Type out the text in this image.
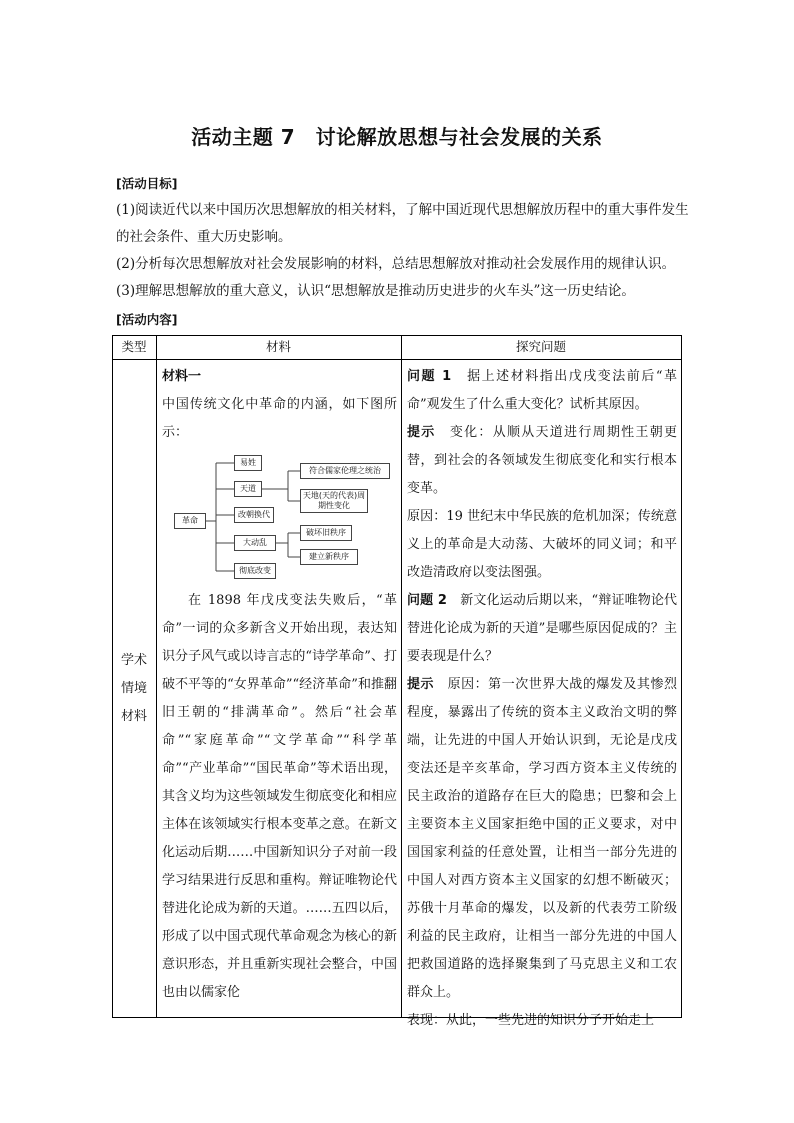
活动主题 7　讨论解放思想与社会发展的关系
[活动目标]
(1)阅读近代以来中国历次思想解放的相关材料，了解中国近现代思想解放历程中的重大事件发生的社会条件、重大历史影响。
(2)分析每次思想解放对社会发展影响的材料，总结思想解放对推动社会发展作用的规律认识。
(3)理解思想解放的重大意义，认识“思想解放是推动历史进步的火车头”这一历史结论。
[活动内容]
类型	材料	探究问题
学术情境材料

材料一

中国传统文化中革命的内涵，如下图所示：

革命
易姓
天道
改朝换代
大动乱
彻底改变
符合儒家伦理之统治
天地(天的代表)周期性变化
破坏旧秩序
建立新秩序

在 1898 年戊戌变法失败后，“革命”一词的众多新含义开始出现，表达知识分子风气或以诗言志的“诗学革命”、打破不平等的“女界革命”“经济革命”和推翻旧王朝的“排满革命”。然后“社会革命”“家庭革命”“文学革命”“科学革命”“产业革命”“国民革命”等术语出现，其含义均为这些领域发生彻底变化和相应主体在该领域实行根本变革之意。在新文化运动后期……中国新知识分子对前一段学习结果进行反思和重构。辩证唯物论代替进化论成为新的天道。……五四以后，形成了以中国式现代革命观念为核心的新意识形态，并且重新实现社会整合，中国也由以儒家伦

问题 1　 据上述材料指出戊戌变法前后“革命”观发生了什么重大变化？试析其原因。

提示　 变化：从顺从天道进行周期性王朝更替，到社会的各领域发生彻底变化和实行根本变革。

原因：19 世纪末中华民族的危机加深；传统意义上的革命是大动荡、大破坏的同义词；和平改造清政府以变法图强。

问题 2　 新文化运动后期以来，“辩证唯物论代替进化论成为新的天道”是哪些原因促成的？主要表现是什么？

提示　 原因：第一次世界大战的爆发及其惨烈程度，暴露出了传统的资本主义政治文明的弊端，让先进的中国人开始认识到，无论是戊戌变法还是辛亥革命，学习西方资本主义传统的民主政治的道路存在巨大的隐患；巴黎和会上主要资本主义国家拒绝中国的正义要求，对中国国家利益的任意处置，让相当一部分先进的中国人对西方资本主义国家的幻想不断破灭；苏俄十月革命的爆发，以及新的代表劳工阶级利益的民主政府，让相当一部分先进的中国人把救国道路的选择聚集到了马克思主义和工农群众上。

表现：从此，一些先进的知识分子开始走上
